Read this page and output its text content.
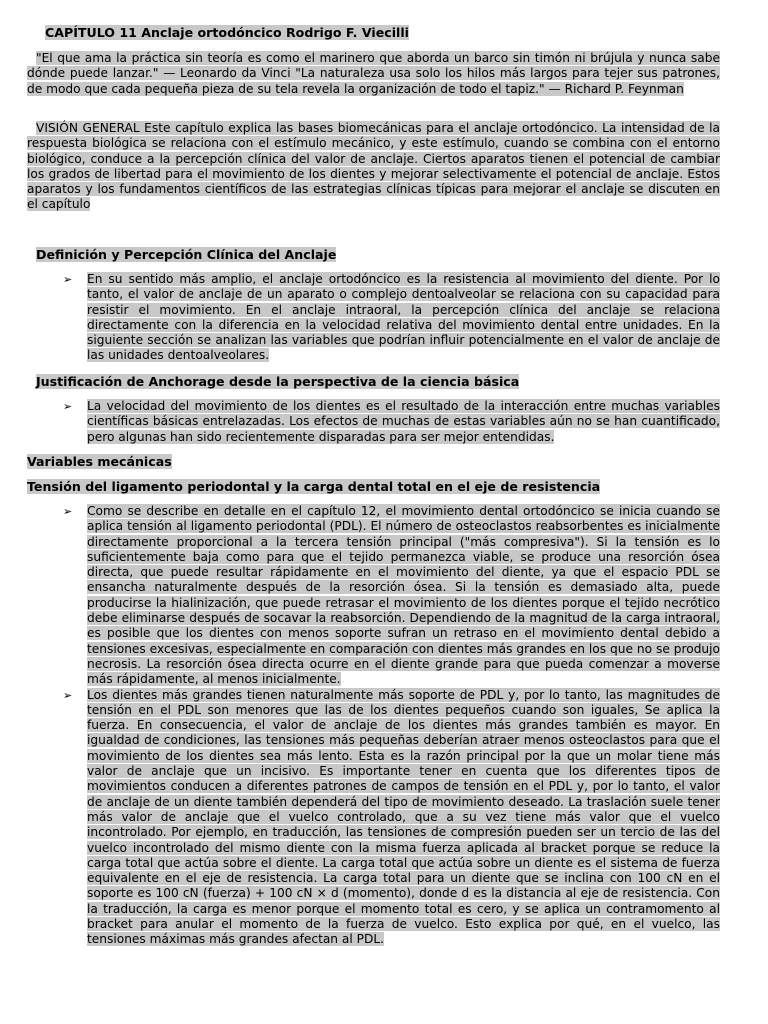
CAPÍTULO 11 Anclaje ortodóncico Rodrigo F. Viecilli

"El que ama la práctica sin teoría es como el marinero que aborda un barco sin timón ni brújula y nunca sabe dónde puede lanzar." — Leonardo da Vinci "La naturaleza usa solo los hilos más largos para tejer sus patrones, de modo que cada pequeña pieza de su tela revela la organización de todo el tapiz." — Richard P. Feynman

VISIÓN GENERAL Este capítulo explica las bases biomecánicas para el anclaje ortodóncico. La intensidad de la respuesta biológica se relaciona con el estímulo mecánico, y este estímulo, cuando se combina con el entorno biológico, conduce a la percepción clínica del valor de anclaje. Ciertos aparatos tienen el potencial de cambiar los grados de libertad para el movimiento de los dientes y mejorar selectivamente el potencial de anclaje. Estos aparatos y los fundamentos científicos de las estrategias clínicas típicas para mejorar el anclaje se discuten en el capítulo

Definición y Percepción Clínica del Anclaje

➢ En su sentido más amplio, el anclaje ortodóncico es la resistencia al movimiento del diente. Por lo tanto, el valor de anclaje de un aparato o complejo dentoalveolar se relaciona con su capacidad para resistir el movimiento. En el anclaje intraoral, la percepción clínica del anclaje se relaciona directamente con la diferencia en la velocidad relativa del movimiento dental entre unidades. En la siguiente sección se analizan las variables que podrían influir potencialmente en el valor de anclaje de las unidades dentoalveolares.

Justificación de Anchorage desde la perspectiva de la ciencia básica

➢ La velocidad del movimiento de los dientes es el resultado de la interacción entre muchas variables científicas básicas entrelazadas. Los efectos de muchas de estas variables aún no se han cuantificado, pero algunas han sido recientemente disparadas para ser mejor entendidas.

Variables mecánicas

Tensión del ligamento periodontal y la carga dental total en el eje de resistencia

➢ Como se describe en detalle en el capítulo 12, el movimiento dental ortodóncico se inicia cuando se aplica tensión al ligamento periodontal (PDL). El número de osteoclastos reabsorbentes es inicialmente directamente proporcional a la tercera tensión principal ("más compresiva"). Si la tensión es lo suficientemente baja como para que el tejido permanezca viable, se produce una resorción ósea directa, que puede resultar rápidamente en el movimiento del diente, ya que el espacio PDL se ensancha naturalmente después de la resorción ósea. Si la tensión es demasiado alta, puede producirse la hialinización, que puede retrasar el movimiento de los dientes porque el tejido necrótico debe eliminarse después de socavar la reabsorción. Dependiendo de la magnitud de la carga intraoral, es posible que los dientes con menos soporte sufran un retraso en el movimiento dental debido a tensiones excesivas, especialmente en comparación con dientes más grandes en los que no se produjo necrosis. La resorción ósea directa ocurre en el diente grande para que pueda comenzar a moverse más rápidamente, al menos inicialmente.

➢ Los dientes más grandes tienen naturalmente más soporte de PDL y, por lo tanto, las magnitudes de tensión en el PDL son menores que las de los dientes pequeños cuando son iguales, Se aplica la fuerza. En consecuencia, el valor de anclaje de los dientes más grandes también es mayor. En igualdad de condiciones, las tensiones más pequeñas deberían atraer menos osteoclastos para que el movimiento de los dientes sea más lento. Esta es la razón principal por la que un molar tiene más valor de anclaje que un incisivo. Es importante tener en cuenta que los diferentes tipos de movimientos conducen a diferentes patrones de campos de tensión en el PDL y, por lo tanto, el valor de anclaje de un diente también dependerá del tipo de movimiento deseado. La traslación suele tener más valor de anclaje que el vuelco controlado, que a su vez tiene más valor que el vuelco incontrolado. Por ejemplo, en traducción, las tensiones de compresión pueden ser un tercio de las del vuelco incontrolado del mismo diente con la misma fuerza aplicada al bracket porque se reduce la carga total que actúa sobre el diente. La carga total que actúa sobre un diente es el sistema de fuerza equivalente en el eje de resistencia. La carga total para un diente que se inclina con 100 cN en el soporte es 100 cN (fuerza) + 100 cN × d (momento), donde d es la distancia al eje de resistencia. Con la traducción, la carga es menor porque el momento total es cero, y se aplica un contramomento al bracket para anular el momento de la fuerza de vuelco. Esto explica por qué, en el vuelco, las tensiones máximas más grandes afectan al PDL.
